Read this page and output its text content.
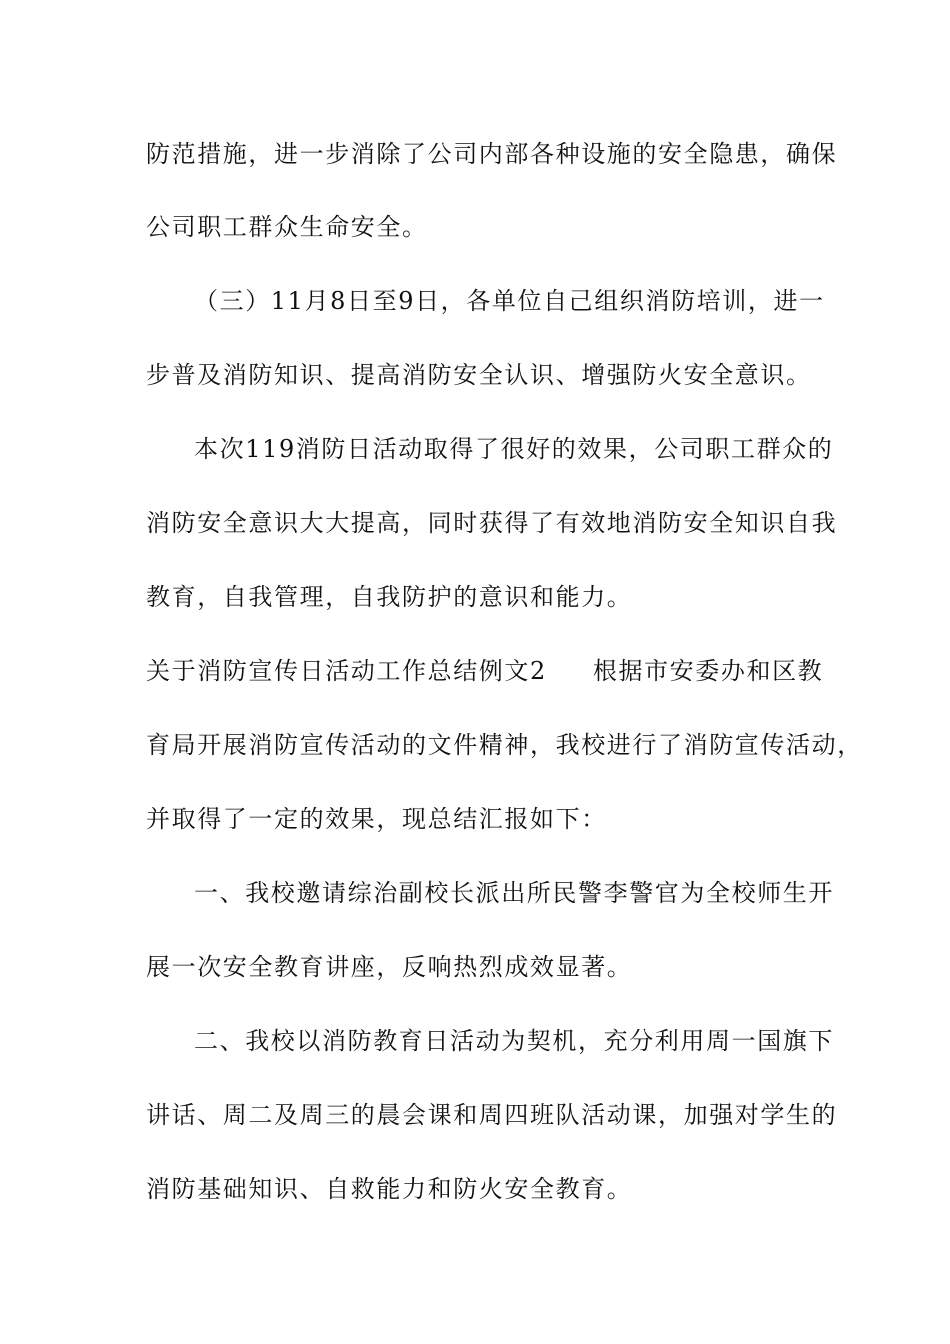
防范措施，进一步消除了公司内部各种设施的安全隐患，确保
公司职工群众生命安全。
（三）11月8日至9日，各单位自己组织消防培训，进一
步普及消防知识、提高消防安全认识、增强防火安全意识。
本次119消防日活动取得了很好的效果，公司职工群众的
消防安全意识大大提高，同时获得了有效地消防安全知识自我
教育，自我管理，自我防护的意识和能力。
关于消防宣传日活动工作总结例文2 根据市安委办和区教
育局开展消防宣传活动的文件精神，我校进行了消防宣传活动，
并取得了一定的效果，现总结汇报如下：
一、我校邀请综治副校长派出所民警李警官为全校师生开
展一次安全教育讲座，反响热烈成效显著。
二、我校以消防教育日活动为契机，充分利用周一国旗下
讲话、周二及周三的晨会课和周四班队活动课，加强对学生的
消防基础知识、自救能力和防火安全教育。
